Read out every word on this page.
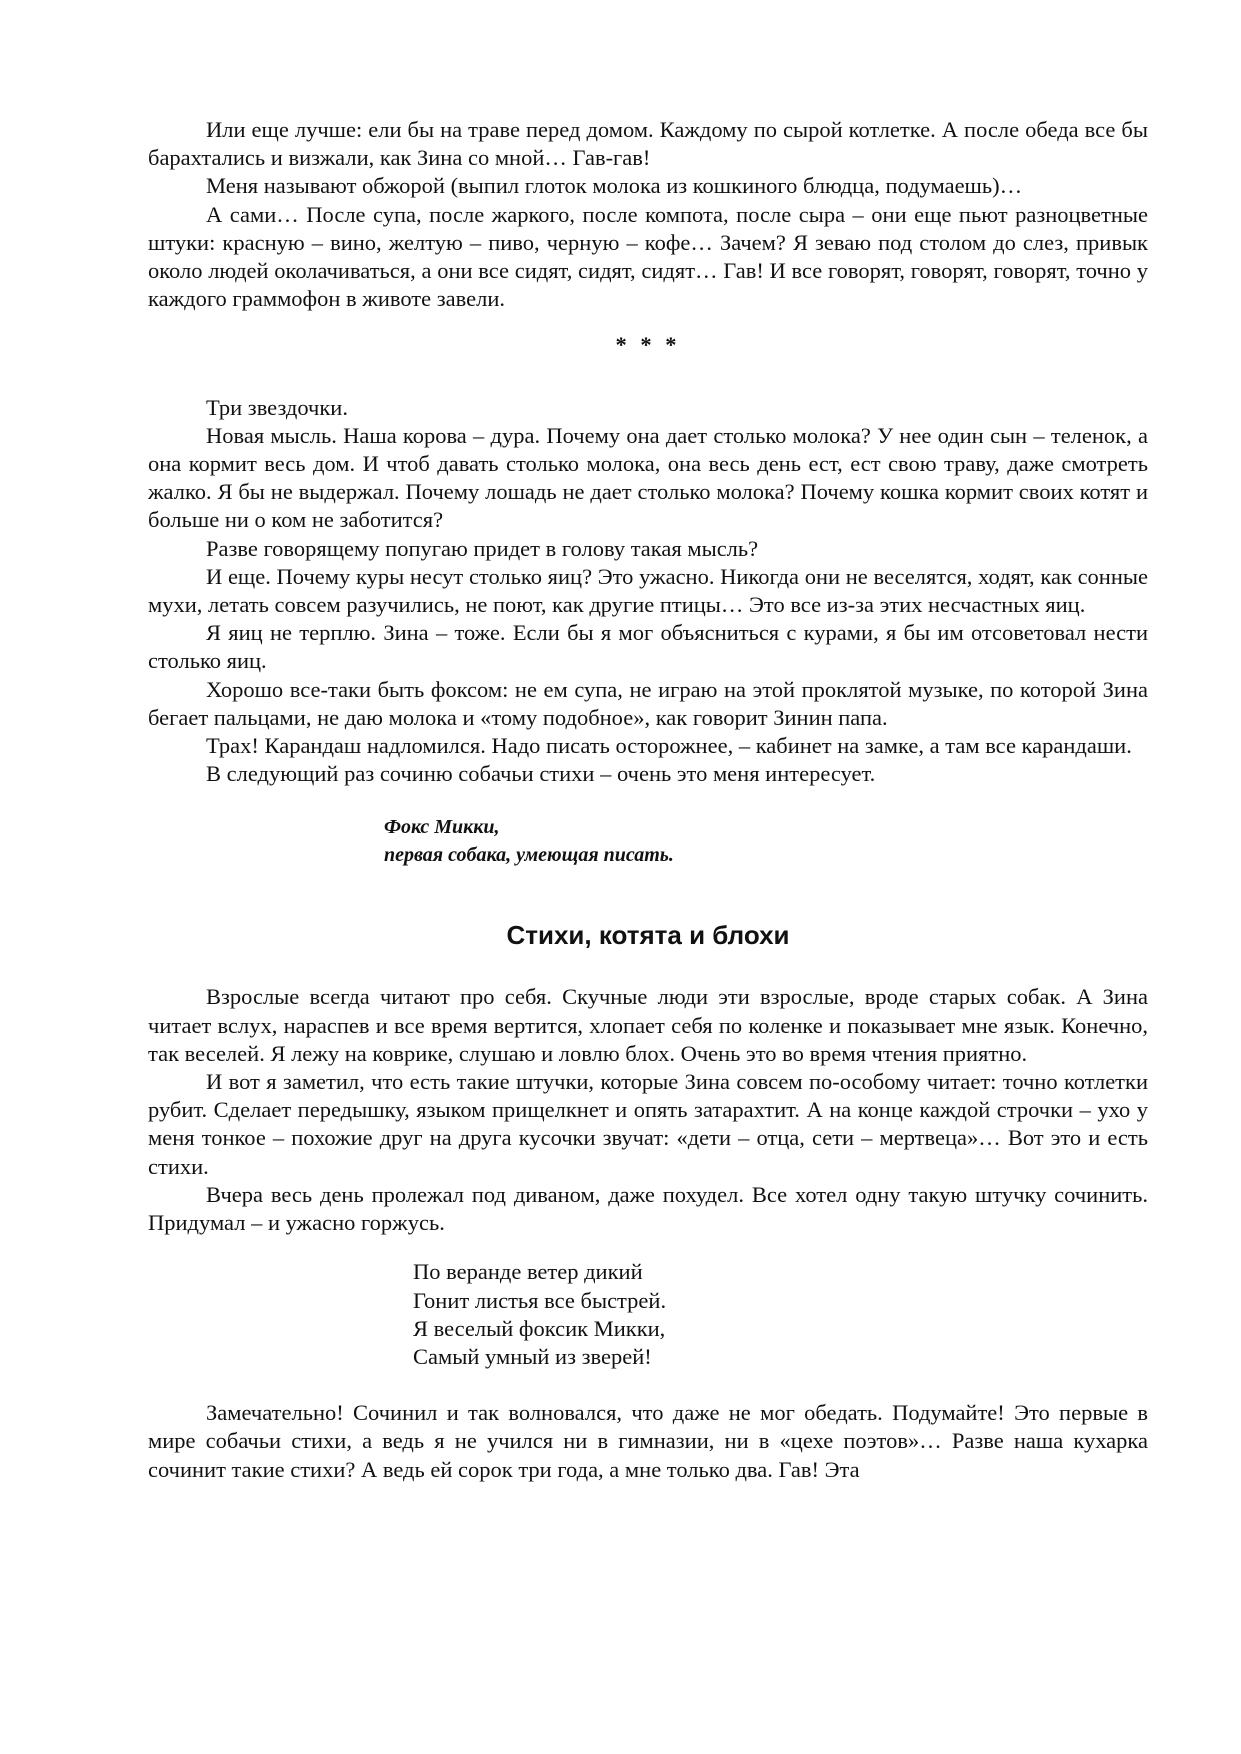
Или еще лучше: ели бы на траве перед домом. Каждому по сырой котлетке. А после обеда все бы барахтались и визжали, как Зина со мной… Гав-гав!

Меня называют обжорой (выпил глоток молока из кошкиного блюдца, подумаешь)…

А сами… После супа, после жаркого, после компота, после сыра – они еще пьют разноцветные штуки: красную – вино, желтую – пиво, черную – кофе… Зачем? Я зеваю под столом до слез, привык около людей околачиваться, а они все сидят, сидят, сидят… Гав! И все говорят, говорят, говорят, точно у каждого граммофон в животе завели.

* * *

Три звездочки.

Новая мысль. Наша корова – дура. Почему она дает столько молока? У нее один сын – теленок, а она кормит весь дом. И чтоб давать столько молока, она весь день ест, ест свою траву, даже смотреть жалко. Я бы не выдержал. Почему лошадь не дает столько молока? Почему кошка кормит своих котят и больше ни о ком не заботится?

Разве говорящему попугаю придет в голову такая мысль?

И еще. Почему куры несут столько яиц? Это ужасно. Никогда они не веселятся, ходят, как сонные мухи, летать совсем разучились, не поют, как другие птицы… Это все из-за этих несчастных яиц.

Я яиц не терплю. Зина – тоже. Если бы я мог объясниться с курами, я бы им отсоветовал нести столько яиц.

Хорошо все-таки быть фоксом: не ем супа, не играю на этой проклятой музыке, по которой Зина бегает пальцами, не даю молока и «тому подобное», как говорит Зинин папа.

Трах! Карандаш надломился. Надо писать осторожнее, – кабинет на замке, а там все карандаши.

В следующий раз сочиню собачьи стихи – очень это меня интересует.

Фокс Микки,
первая собака, умеющая писать.
Стихи, котята и блохи

Взрослые всегда читают про себя. Скучные люди эти взрослые, вроде старых собак. А Зина читает вслух, нараспев и все время вертится, хлопает себя по коленке и показывает мне язык. Конечно, так веселей. Я лежу на коврике, слушаю и ловлю блох. Очень это во время чтения приятно.

И вот я заметил, что есть такие штучки, которые Зина совсем по-особому читает: точно котлетки рубит. Сделает передышку, языком прищелкнет и опять затарахтит. А на конце каждой строчки – ухо у меня тонкое – похожие друг на друга кусочки звучат: «дети – отца, сети – мертвеца»… Вот это и есть стихи.

Вчера весь день пролежал под диваном, даже похудел. Все хотел одну такую штучку сочинить. Придумал – и ужасно горжусь.

По веранде ветер дикий
Гонит листья все быстрей.
Я веселый фоксик Микки,
Самый умный из зверей!

Замечательно! Сочинил и так волновался, что даже не мог обедать. Подумайте! Это первые в мире собачьи стихи, а ведь я не учился ни в гимназии, ни в «цехе поэтов»… Разве наша кухарка сочинит такие стихи? А ведь ей сорок три года, а мне только два. Гав! Эта
